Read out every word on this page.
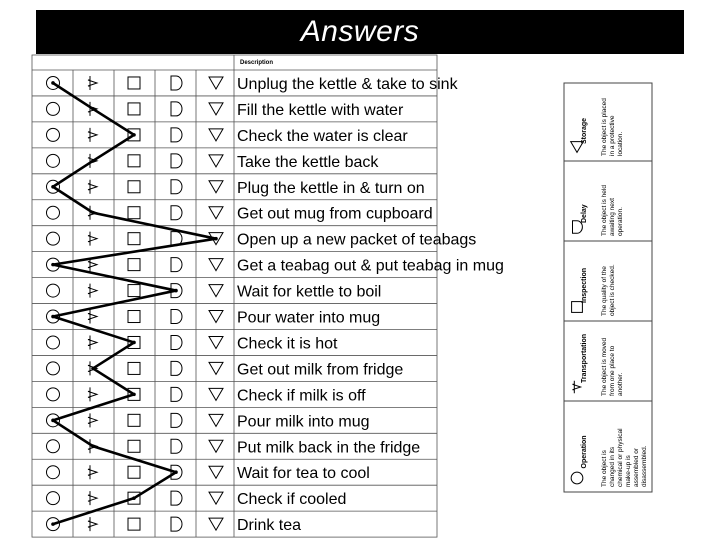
Answers
Description
Unplug the kettle & take to sink
Fill the kettle with water
Check the water is clear
Take the kettle back
Plug the kettle in & turn on
Get out mug from cupboard
Open up a new packet of teabags
Get a teabag out & put teabag in mug
Wait for kettle to boil
Pour water into mug
Check it is hot
Get out milk from fridge
Check if milk is off
Pour milk into mug
Put milk back in the fridge
Wait for tea to cool
Check if cooled
Drink tea
Storage The object is placed in a protective location.
Delay The object is held awaiting next operation.
Inspection The quality of the object is checked.
Transportation The object is moved from one place to another.
Operation The object is changed in its chemical or physical make-up is assembled or disassembled.
